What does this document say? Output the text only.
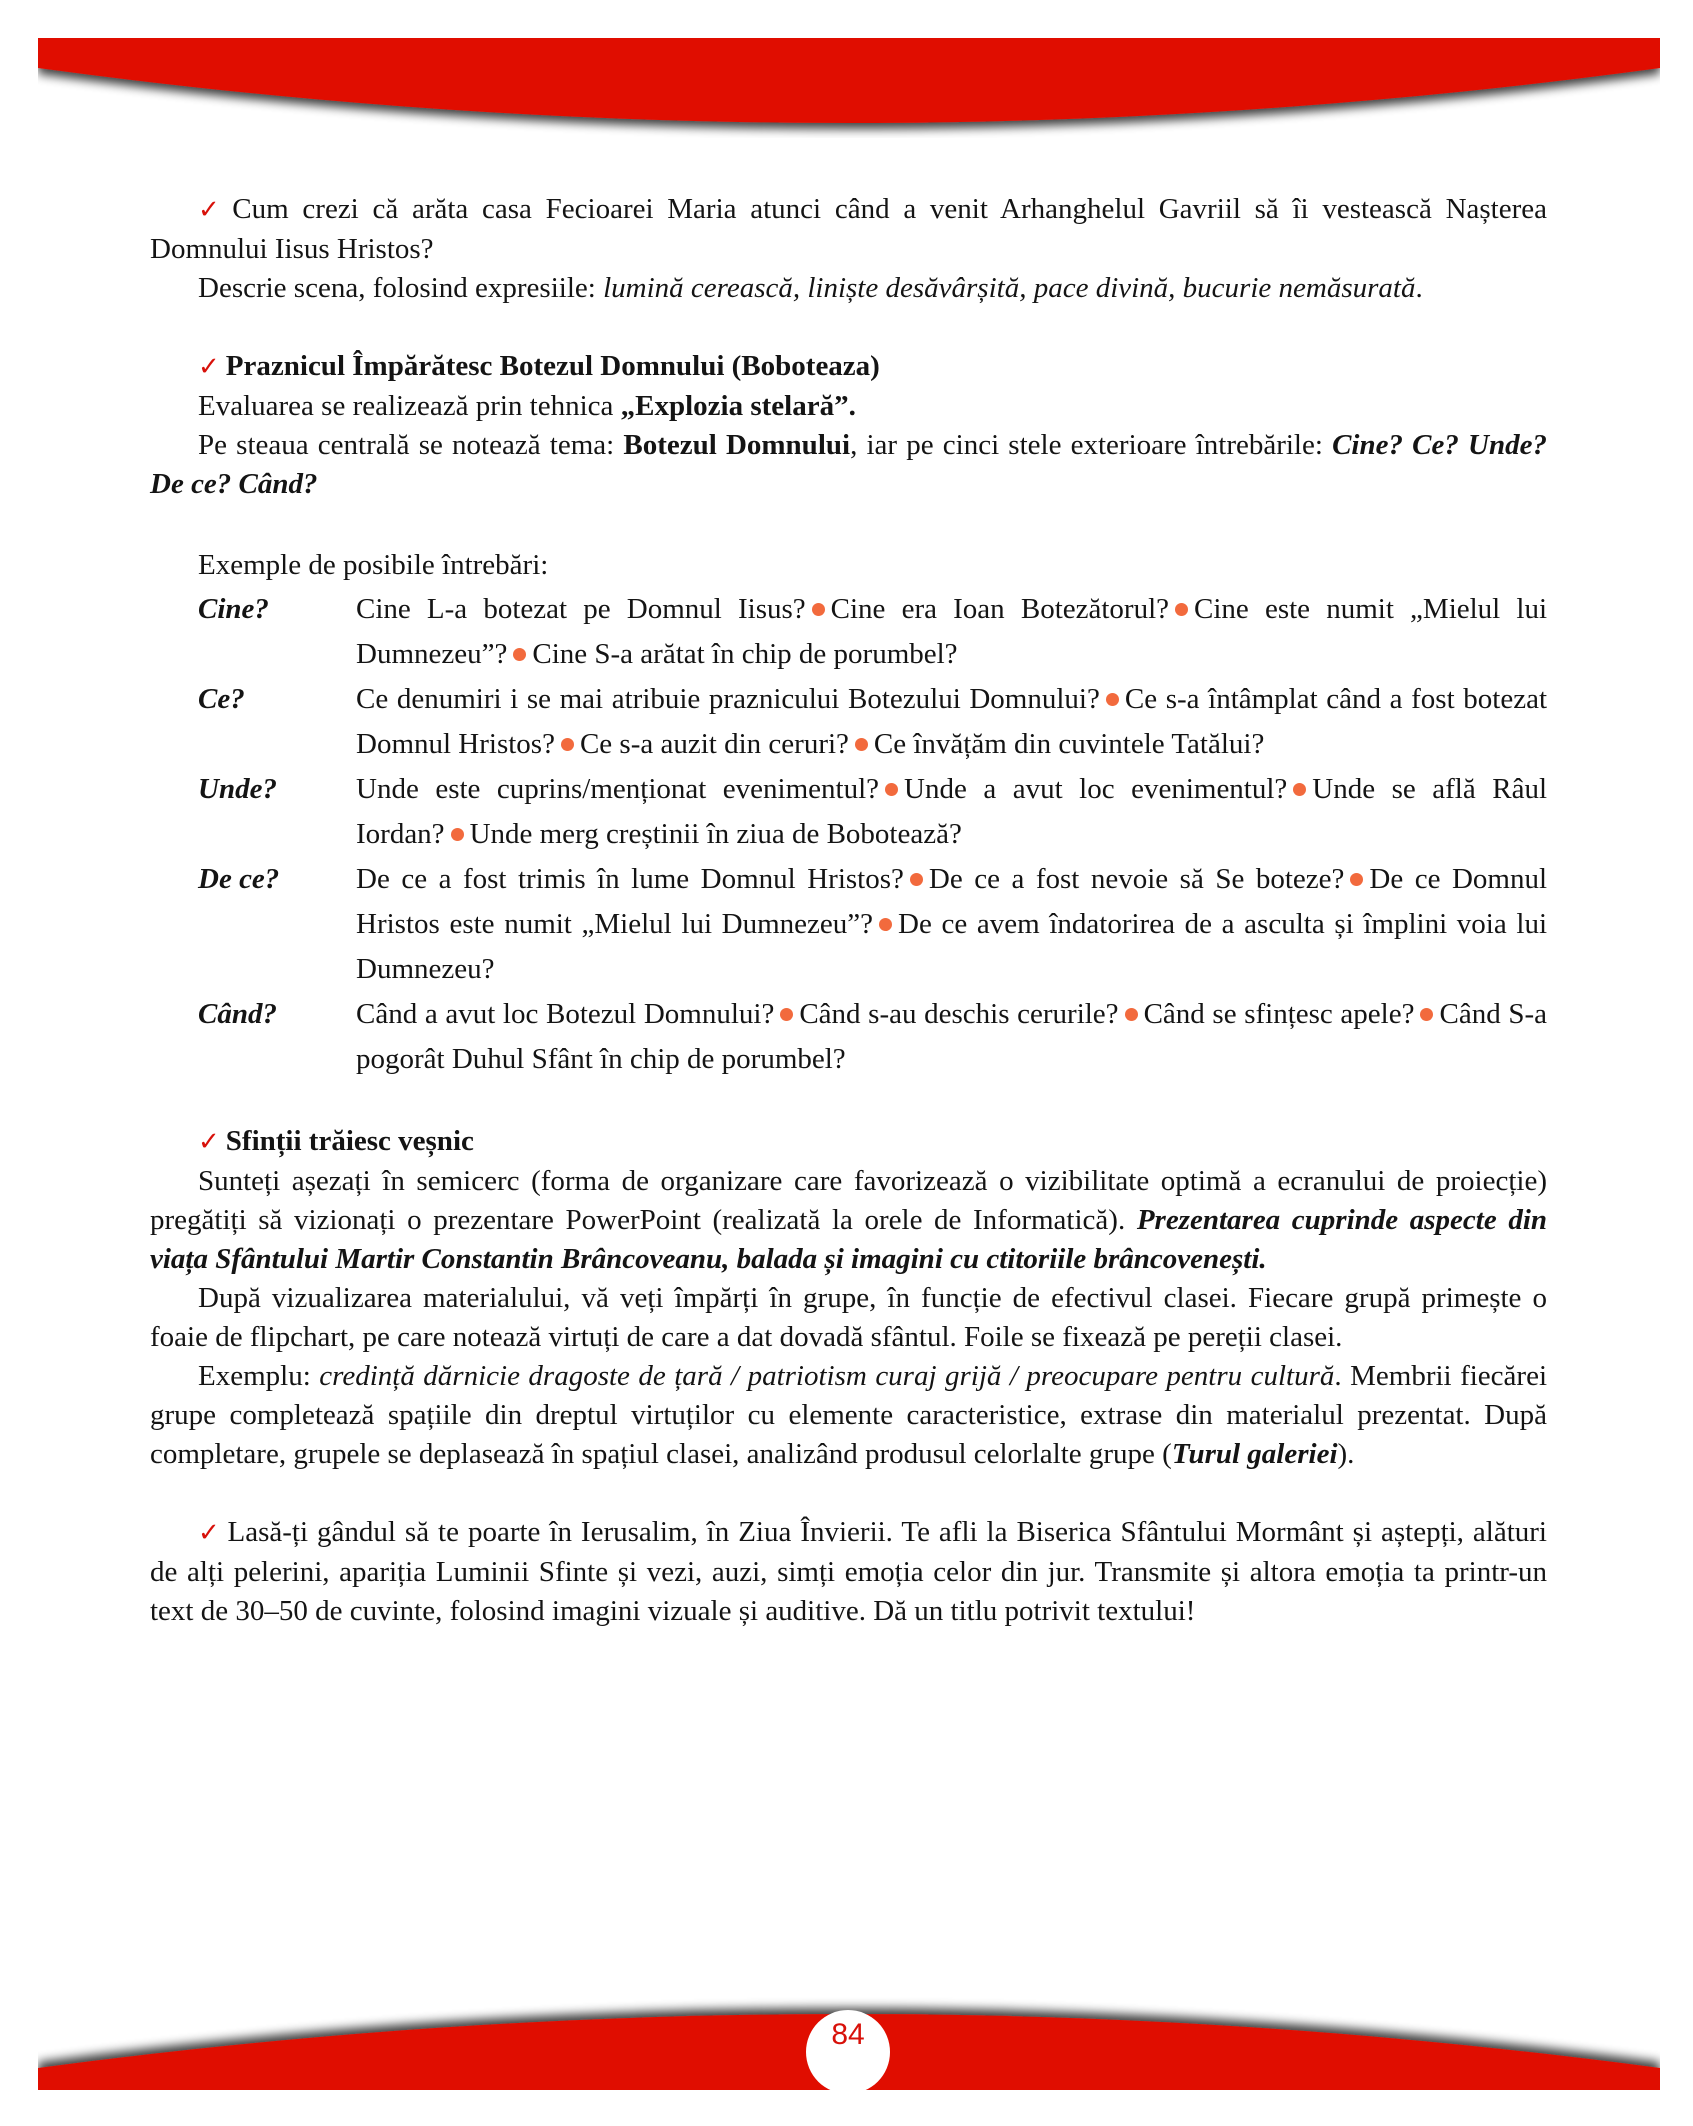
84

✓ Cum crezi că arăta casa Fecioarei Maria atunci când a venit Arhanghelul Gavriil să îi vestească Nașterea Domnului Iisus Hristos?

Descrie scena, folosind expresiile: lumină cerească, liniște desăvârșită, pace divină, bucurie nemăsurată.

✓ Praznicul Împărătesc Botezul Domnului (Boboteaza)

Evaluarea se realizează prin tehnica „Explozia stelară”.

Pe steaua centrală se notează tema: Botezul Domnului, iar pe cinci stele exterioare întrebările: Cine? Ce? Unde? De ce? Când?

Exemple de posibile întrebări:

Cine?	Cine L-a botezat pe Domnul Iisus? Cine era Ioan Botezătorul? Cine este numit „Mielul lui Dumnezeu”? Cine S-a arătat în chip de porumbel?
Ce?	Ce denumiri i se mai atribuie praznicului Botezului Domnului? Ce s-a întâmplat când a fost botezat Domnul Hristos? Ce s-a auzit din ceruri? Ce învățăm din cuvintele Tatălui?
Unde?	Unde este cuprins/menționat evenimentul? Unde a avut loc evenimentul? Unde se află Râul Iordan? Unde merg creștinii în ziua de Bobotează?
De ce?	De ce a fost trimis în lume Domnul Hristos? De ce a fost nevoie să Se boteze? De ce Domnul Hristos este numit „Mielul lui Dumnezeu”? De ce avem îndatorirea de a asculta și împlini voia lui Dumnezeu?
Când?	Când a avut loc Botezul Domnului? Când s-au deschis cerurile? Când se sfințesc apele? Când S-a pogorât Duhul Sfânt în chip de porumbel?

✓ Sfinții trăiesc veșnic

Sunteți așezați în semicerc (forma de organizare care favorizează o vizibilitate optimă a ecranului de proiecție) pregătiți să vizionați o prezentare PowerPoint (realizată la orele de Informatică). Prezentarea cuprinde aspecte din viața Sfântului Martir Constantin Brâncoveanu, balada și imagini cu ctitoriile brâncovenești.

După vizualizarea materialului, vă veți împărți în grupe, în funcție de efectivul clasei. Fiecare grupă primește o foaie de flipchart, pe care notează virtuți de care a dat dovadă sfântul. Foile se fixează pe pereții clasei.

Exemplu: credință dărnicie dragoste de țară / patriotism curaj grijă / preocupare pentru cultură. Membrii fiecărei grupe completează spațiile din dreptul virtuților cu elemente caracteristice, extrase din materialul prezentat. După completare, grupele se deplasează în spațiul clasei, analizând produsul celorlalte grupe (Turul galeriei).

✓ Lasă-ți gândul să te poarte în Ierusalim, în Ziua Învierii. Te afli la Biserica Sfântului Mormânt și aștepți, alături de alți pelerini, apariția Luminii Sfinte și vezi, auzi, simți emoția celor din jur. Transmite și altora emoția ta printr-un text de 30–50 de cuvinte, folosind imagini vizuale și auditive. Dă un titlu potrivit textului!
